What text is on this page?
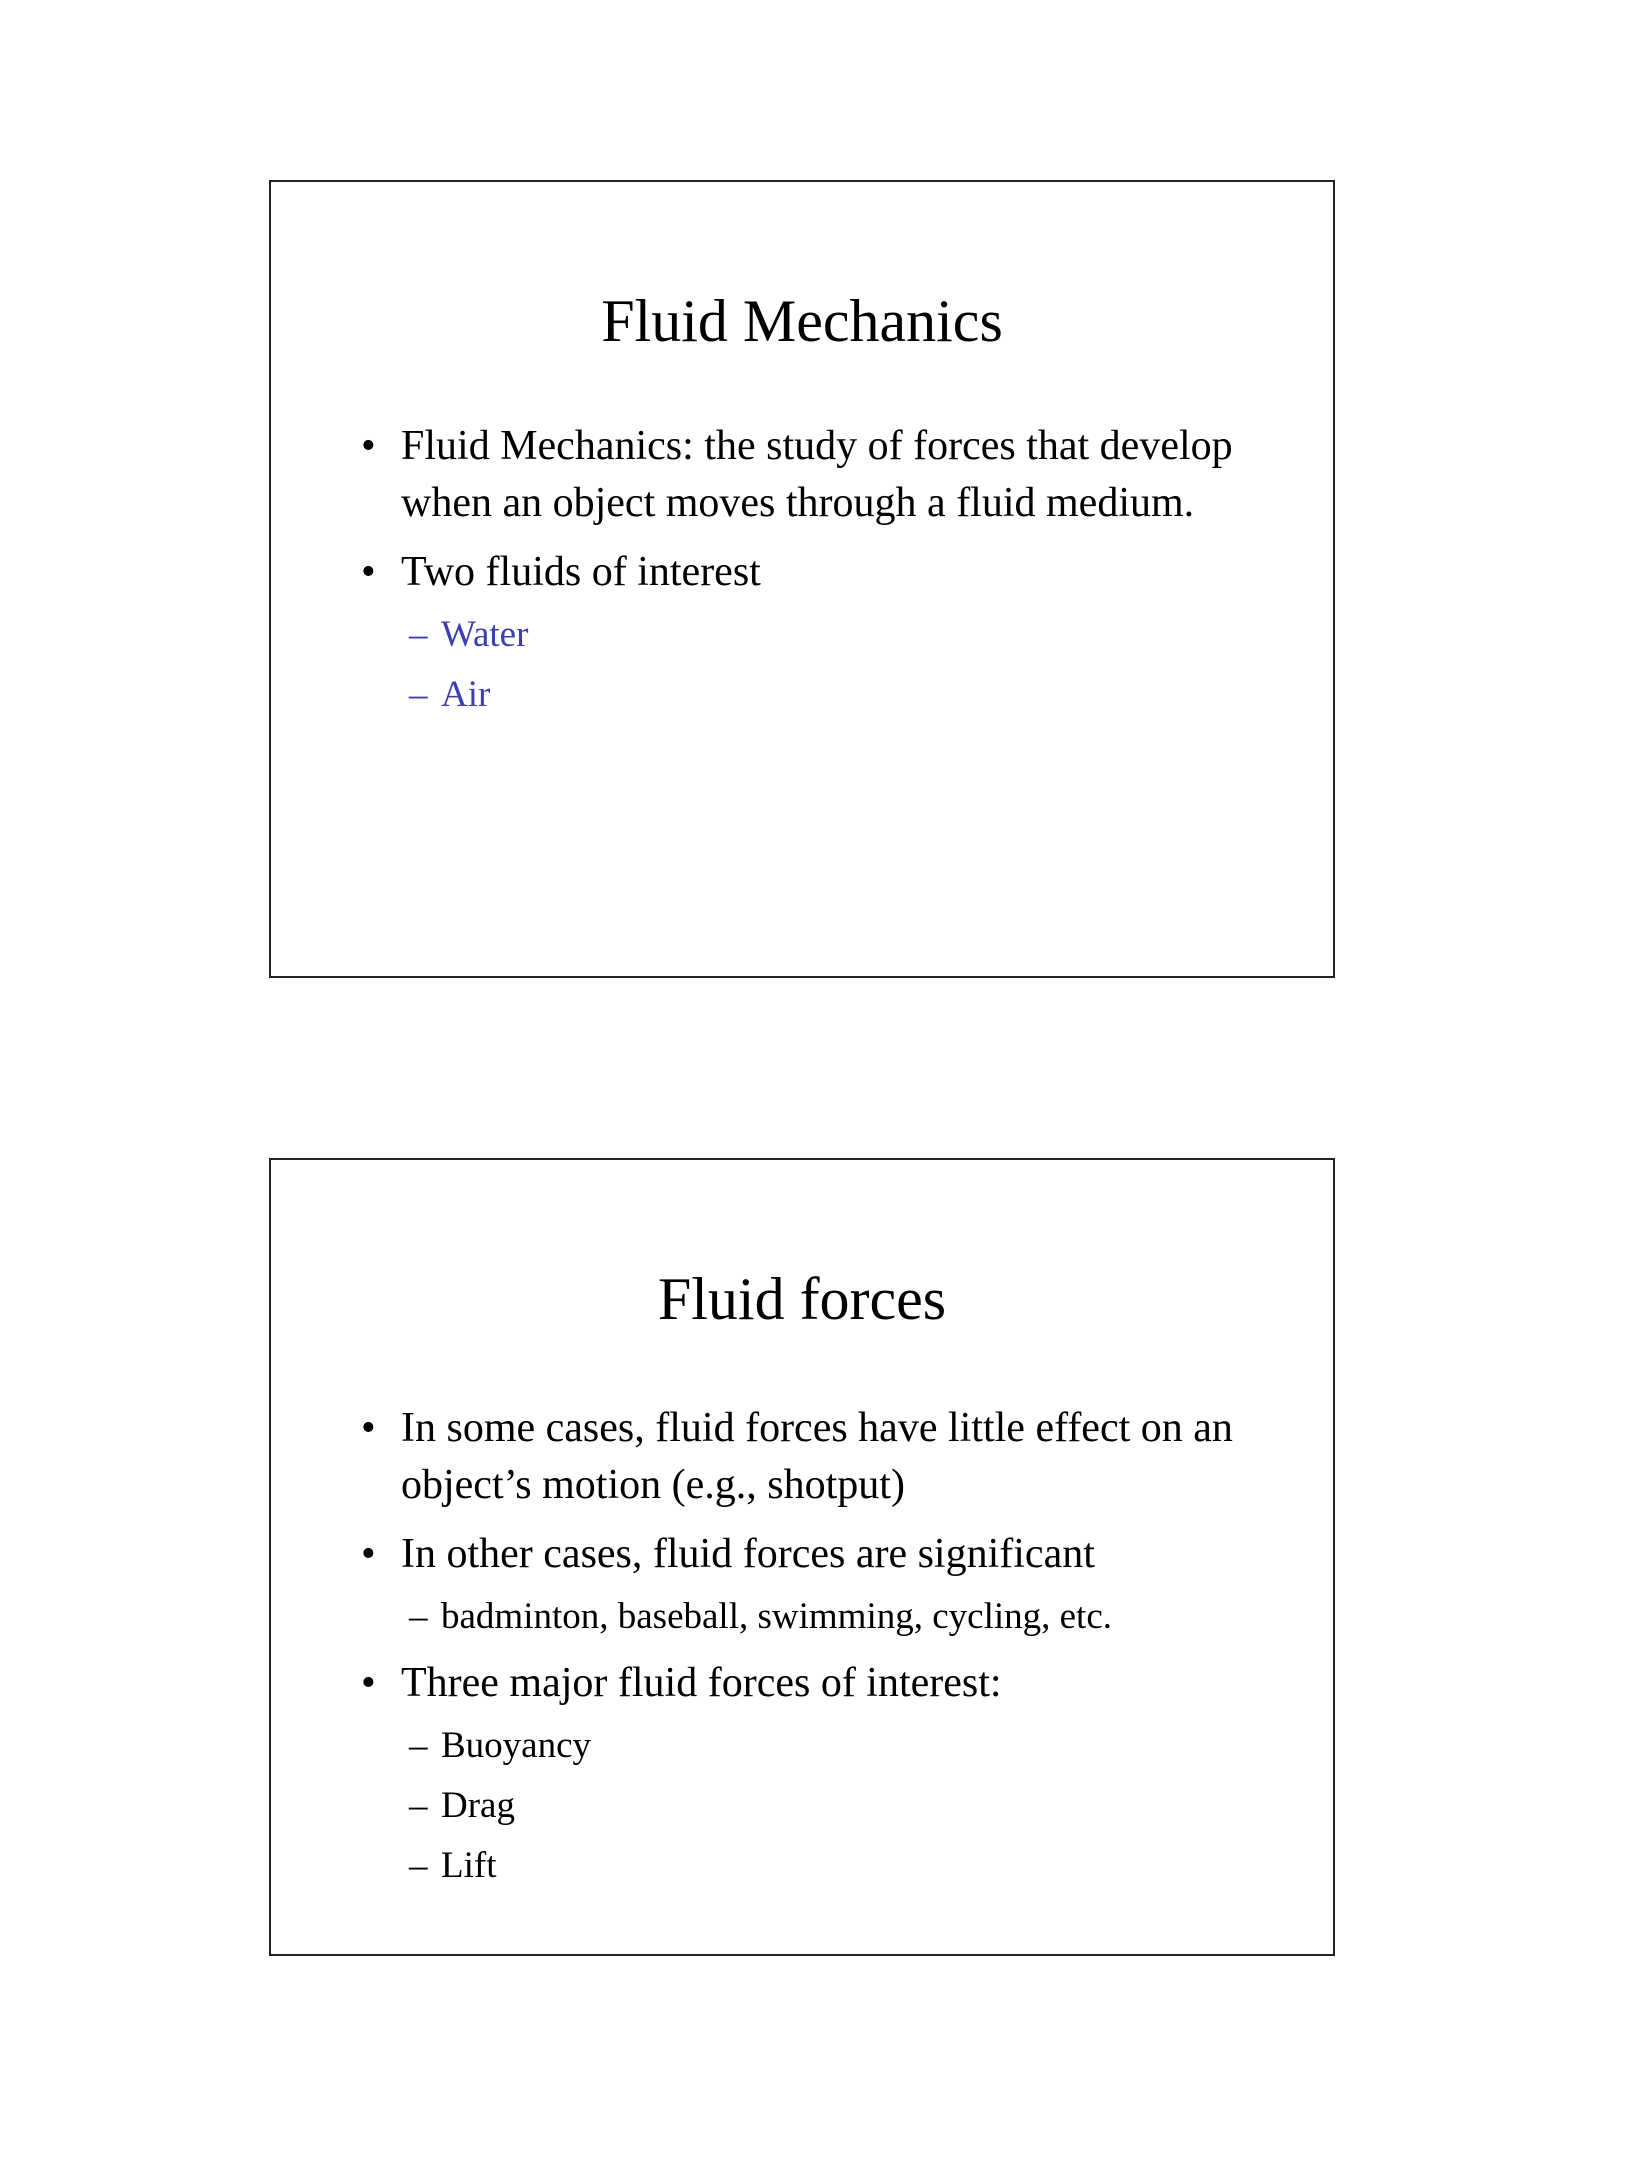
Fluid Mechanics
• Fluid Mechanics: the study of forces that develop when an object moves through a fluid medium.
• Two fluids of interest
– Water
– Air
Fluid forces
• In some cases, fluid forces have little effect on an object’s motion (e.g., shotput)
• In other cases, fluid forces are significant
– badminton, baseball, swimming, cycling, etc.
• Three major fluid forces of interest:
– Buoyancy
– Drag
– Lift
